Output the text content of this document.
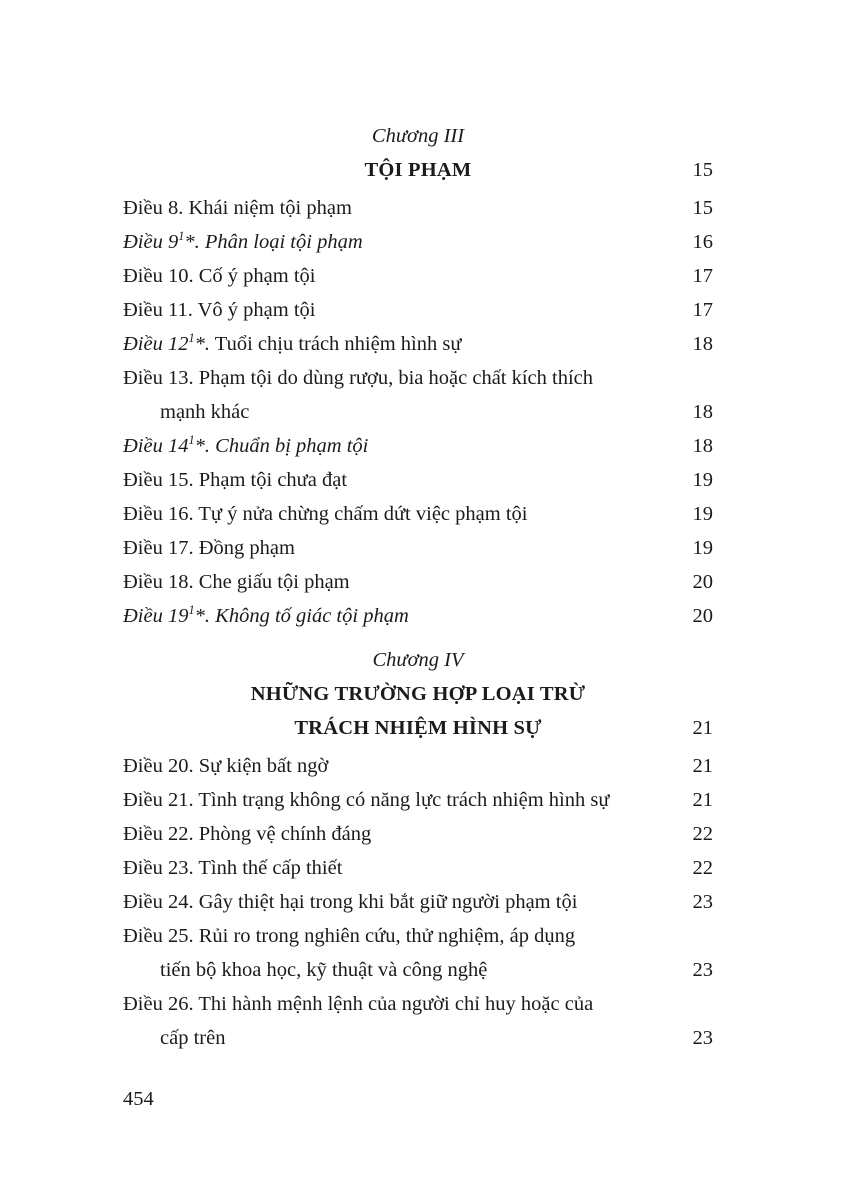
Chương III
TỘI PHẠM	15
Điều 8. Khái niệm tội phạm	15
Điều $9^1*$. Phân loại tội phạm	16
Điều 10. Cố ý phạm tội	17
Điều 11. Vô ý phạm tội	17
Điều $12^1*$. Tuổi chịu trách nhiệm hình sự	18
Điều 13. Phạm tội do dùng rượu, bia hoặc chất kích thích
mạnh khác	18
Điều $14^1*$. Chuẩn bị phạm tội	18
Điều 15. Phạm tội chưa đạt	19
Điều 16. Tự ý nửa chừng chấm dứt việc phạm tội	19
Điều 17. Đồng phạm	19
Điều 18. Che giấu tội phạm	20
Điều $19^1*$. Không tố giác tội phạm	20
Chương IV
NHỮNG TRƯỜNG HỢP LOẠI TRỪ
TRÁCH NHIỆM HÌNH SỰ	21
Điều 20. Sự kiện bất ngờ	21
Điều 21. Tình trạng không có năng lực trách nhiệm hình sự	21
Điều 22. Phòng vệ chính đáng	22
Điều 23. Tình thế cấp thiết	22
Điều 24. Gây thiệt hại trong khi bắt giữ người phạm tội	23
Điều 25. Rủi ro trong nghiên cứu, thử nghiệm, áp dụng
tiến bộ khoa học, kỹ thuật và công nghệ	23
Điều 26. Thi hành mệnh lệnh của người chỉ huy hoặc của
cấp trên	23
454
